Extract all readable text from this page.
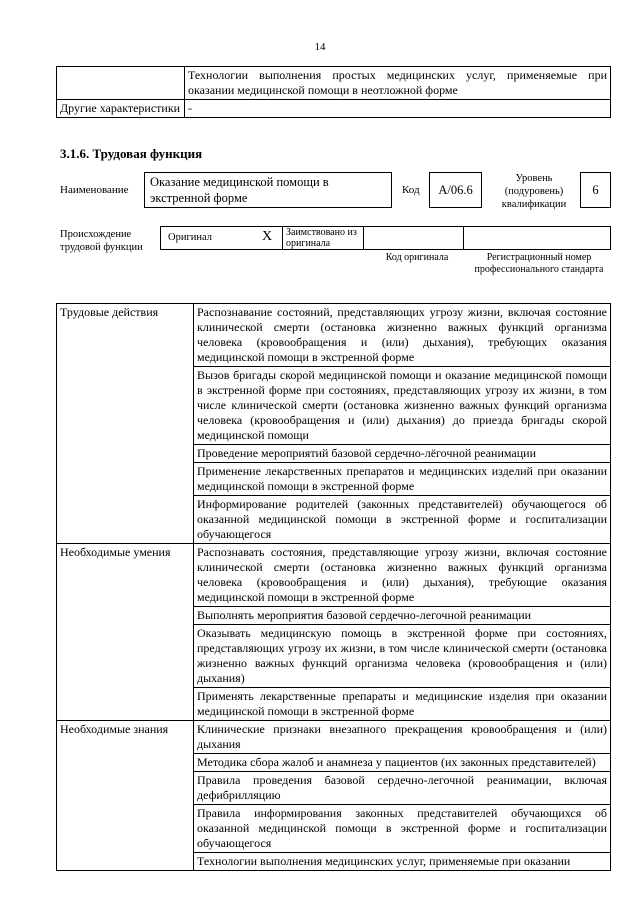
14
	Технологии выполнения простых медицинских услуг, применяемые при оказании медицинской помощи в неотложной форме
Другие характеристики	-
3.1.6. Трудовая функция
Наименование
Оказание медицинской помощи в экстренной форме
Код	A/06.6
Уровень (подуровень) квалификации
6
Происхождение трудовой функции
Оригинал	X	Заимствовано из оригинала
Код оригинала	Регистрационный номер профессионального стандарта
Трудовые действия	Распознавание состояний, представляющих угрозу жизни, включая состояние клинической смерти (остановка жизненно важных функций организма человека (кровообращения и (или) дыхания), требующих оказания медицинской помощи в экстренной форме
	Вызов бригады скорой медицинской помощи и оказание медицинской помощи в экстренной форме при состояниях, представляющих угрозу их жизни, в том числе клинической смерти (остановка жизненно важных функций организма человека (кровообращения и (или) дыхания) до приезда бригады скорой медицинской помощи
	Проведение мероприятий базовой сердечно-лёгочной реанимации
	Применение лекарственных препаратов и медицинских изделий при оказании медицинской помощи в экстренной форме
	Информирование родителей (законных представителей) обучающегося об оказанной медицинской помощи в экстренной форме и госпитализации обучающегося
Необходимые умения	Распознавать состояния, представляющие угрозу жизни, включая состояние клинической смерти (остановка жизненно важных функций организма человека (кровообращения и (или) дыхания), требующие оказания медицинской помощи в экстренной форме
	Выполнять мероприятия базовой сердечно-легочной реанимации
	Оказывать медицинскую помощь в экстренной форме при состояниях, представляющих угрозу их жизни, в том числе клинической смерти (остановка жизненно важных функций организма человека (кровообращения и (или) дыхания)
	Применять лекарственные препараты и медицинские изделия при оказании медицинской помощи в экстренной форме
Необходимые знания	Клинические признаки внезапного прекращения кровообращения и (или) дыхания
	Методика сбора жалоб и анамнеза у пациентов (их законных представителей)
	Правила проведения базовой сердечно-легочной реанимации, включая дефибрилляцию
	Правила информирования законных представителей обучающихся об оказанной медицинской помощи в экстренной форме и госпитализации обучающегося
	Технологии выполнения медицинских услуг, применяемые при оказании
